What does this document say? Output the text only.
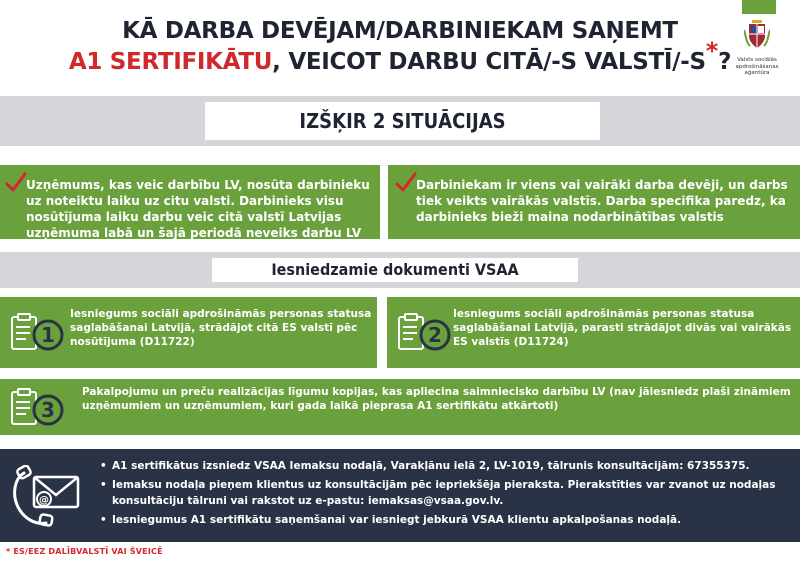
KĀ DARBA DEVĒJAM/DARBINIEKAM SAŅEMT
A1 SERTIFIKĀTU, VEICOT DARBU CITĀ/-S VALSTĪ/-S*?	Valsts sociālās
apdrošināšanas
aģentūra
IZŠĶIR 2 SITUĀCIJAS
Uzņēmums, kas veic darbību LV, nosūta darbinieku uz noteiktu laiku uz citu valsti. Darbinieks visu nosūtījuma laiku darbu veic citā valstī Latvijas uzņēmuma labā un šajā periodā neveiks darbu LV
Darbiniekam ir viens vai vairāki darba devēji, un darbs tiek veikts vairākās valstīs. Darba specifika paredz, ka darbinieks bieži maina nodarbinātības valstis
Iesniedzamie dokumenti VSAA
1
Iesniegums sociāli apdrošināmās personas statusa saglabāšanai Latvijā, strādājot citā ES valstī pēc nosūtījuma (D11722)	2
Iesniegums sociāli apdrošināmās personas statusa saglabāšanai Latvijā, parasti strādājot divās vai vairākās ES valstīs (D11724)
3
Pakalpojumu un preču realizācijas līgumu kopijas, kas apliecina saimniecisko darbību LV (nav jāiesniedz plaši zināmiem uzņēmumiem un uzņēmumiem, kuri gada laikā pieprasa A1 sertifikātu atkārtoti)
@
• A1 sertifikātus izsniedz VSAA Iemaksu nodaļā, Varakļānu ielā 2, LV-1019, tālrunis konsultācijām: 67355375.
• Iemaksu nodaļa pieņem klientus uz konsultācijām pēc iepriekšēja pieraksta. Pierakstīties var zvanot uz nodaļas konsultāciju tālruni vai rakstot uz e-pastu: iemaksas@vsaa.gov.lv.
• Iesniegumus A1 sertifikātu saņemšanai var iesniegt jebkurā VSAA klientu apkalpošanas nodaļā.
* ES/EEZ DALĪBVALSTĪ VAI ŠVEICĒ
